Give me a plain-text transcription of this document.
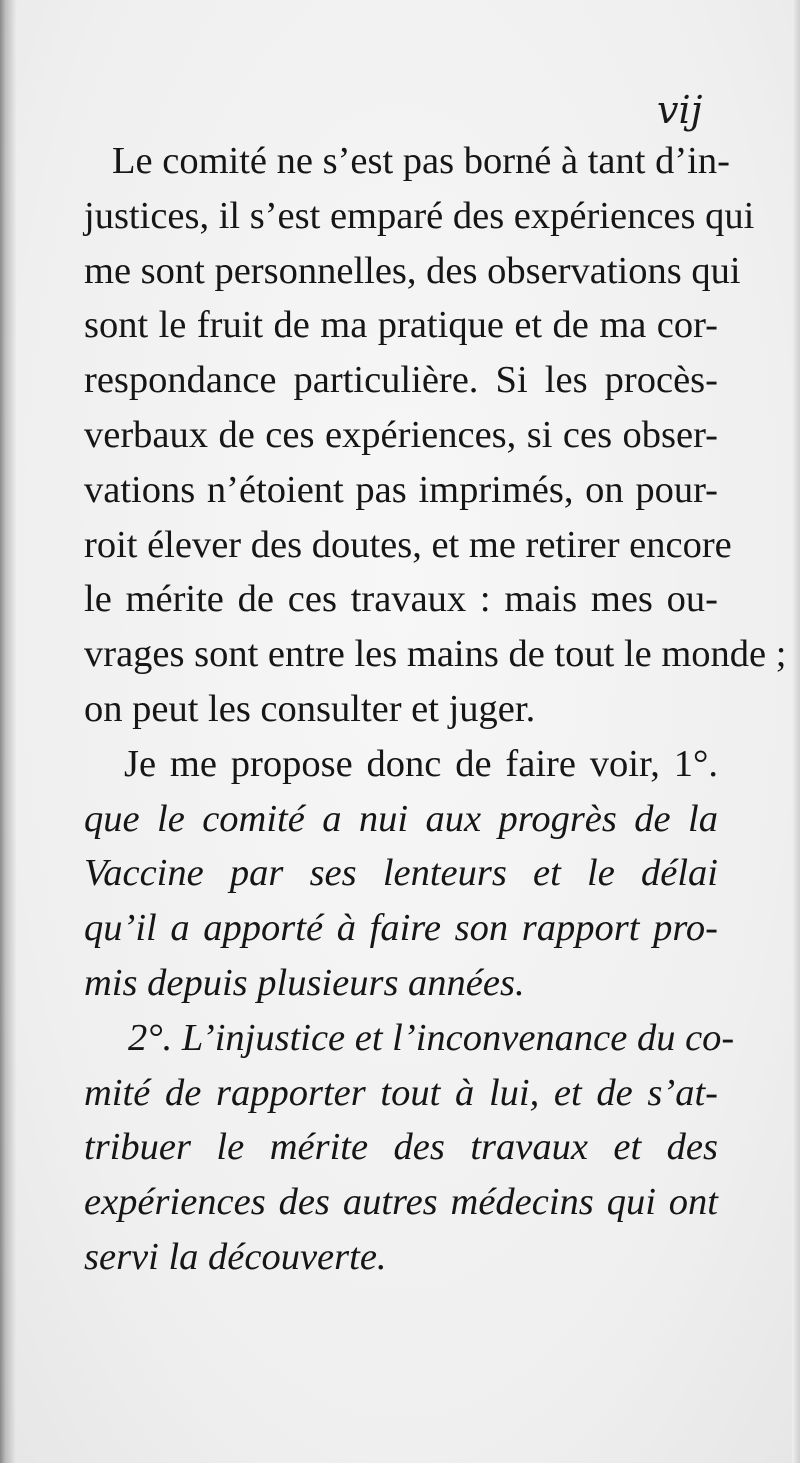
vij
Le comité ne s’est pas borné à tant d’in-
justices, il s’est emparé des expériences qui
me sont personnelles, des observations qui
sont le fruit de ma pratique et de ma cor-
respondance particulière. Si les procès-
verbaux de ces expériences, si ces obser-
vations n’étoient pas imprimés, on pour-
roit élever des doutes, et me retirer encore
le mérite de ces travaux : mais mes ou-
vrages sont entre les mains de tout le monde ;
on peut les consulter et juger.
Je me propose donc de faire voir, 1°.
que le comité a nui aux progrès de la
Vaccine par ses lenteurs et le délai
qu’il a apporté à faire son rapport pro-
mis depuis plusieurs années.
2°. L’injustice et l’inconvenance du co-
mité de rapporter tout à lui, et de s’at-
tribuer le mérite des travaux et des
expériences des autres médecins qui ont
servi la découverte.
